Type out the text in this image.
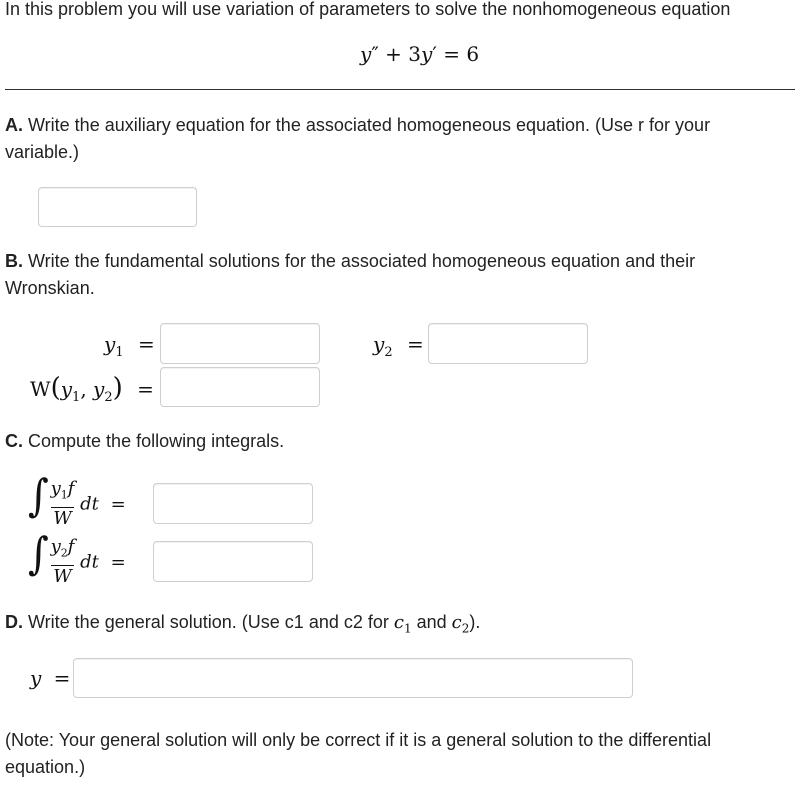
In this problem you will use variation of parameters to solve the nonhomogeneous equation
y″ + 3y′ = 6
A. Write the auxiliary equation for the associated homogeneous equation. (Use r for your variable.)
B. Write the fundamental solutions for the associated homogeneous equation and their Wronskian.
$y_1$ =	$y_2$ =
$W(y_1$, $y_2$) =
C. Compute the following integrals.
∫ $\frac{y_1f}{W}$ dt =
∫ $\frac{y_2f}{W}$ dt =
D. Write the general solution. (Use c1 and c2 for $c_1$ and $c_2$).
y =
(Note: Your general solution will only be correct if it is a general solution to the differential equation.)
